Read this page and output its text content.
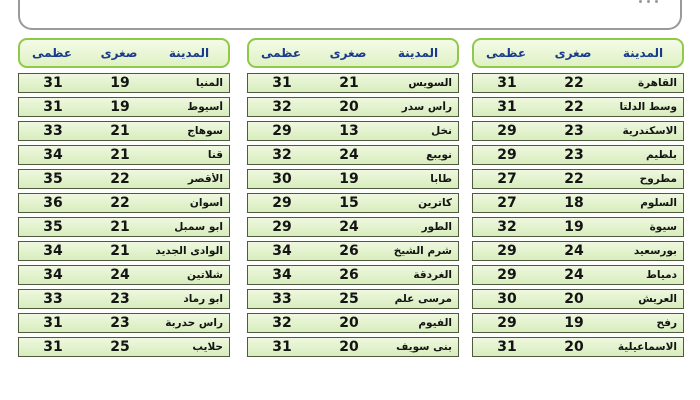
المدينة
صغرى
عظمى
القاهرة
22
31
وسط الدلتا
22
31
الاسكندرية
23
29
بلطيم
23
29
مطروح
22
27
السلوم
18
27
سيوة
19
32
بورسعيد
24
29
دمياط
24
29
العريش
20
30
رفح
19
29
الاسماعيلية
20
31
المدينة
صغرى
عظمى
السويس
21
31
رأس سدر
20
32
نخل
13
29
نويبع
24
32
طابا
19
30
كاترين
15
29
الطور
24
29
شرم الشيخ
26
34
الغردقة
26
34
مرسى علم
25
33
الفيوم
20
32
بنى سويف
20
31
المدينة
صغرى
عظمى
المنيا
19
31
أسيوط
19
31
سوهاج
21
33
قنا
21
34
الأقصر
22
35
أسوان
22
36
ابو سمبل
21
35
الوادى الجديد
21
34
شلاتين
24
34
ابو رماد
23
33
راس حدربة
23
31
حلايب
25
31
